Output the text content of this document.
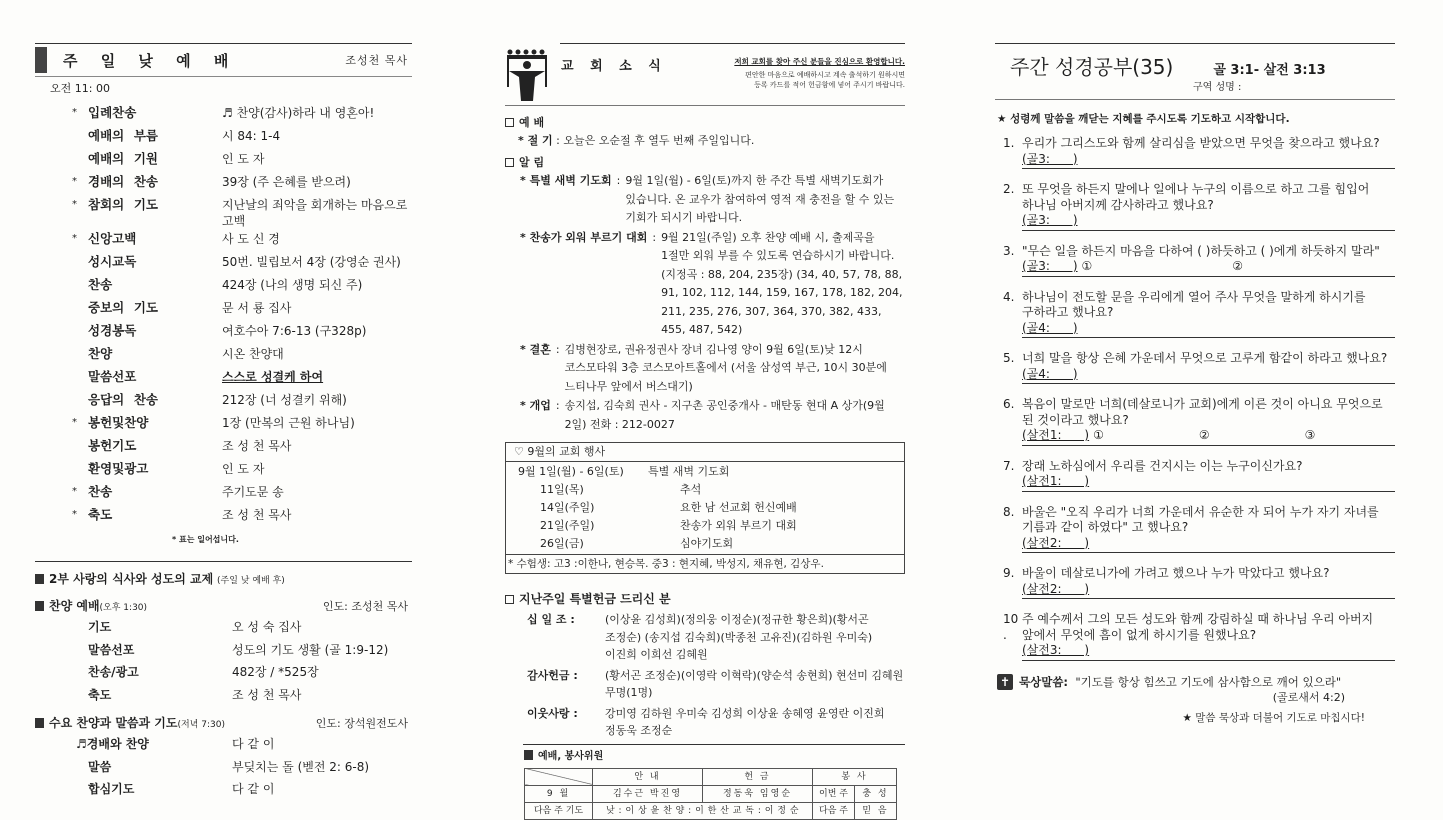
주 일 낮 예 배	조성천 목사
오전 11: 00
* 입례찬송	♬ 찬양(감사)하라 내 영혼아!
예배의 부름	시 84: 1-4
예배의 기원	인 도 자
* 경배의 찬송	39장 (주 은혜를 받으려)
* 참회의 기도	지난날의 죄악을 회개하는 마음으로 고백
* 신앙고백	사 도 신 경
성시교독	50번. 빌립보서 4장 (강영순 권사)
찬송	424장 (나의 생명 되신 주)
중보의 기도	문 서 룡 집사
성경봉독	여호수아 7:6-13 (구328p)
찬양	시온 찬양대
말씀선포	스스로 성결케 하여
응답의 찬송	212장 (너 성결키 위해)
* 봉헌및찬양	1장 (만복의 근원 하나님)
봉헌기도	조 성 천 목사
환영및광고	인 도 자
* 찬송	주기도문 송
* 축도	조 성 천 목사
* 표는 일어섭니다.
2부 사랑의 식사와 성도의 교제 (주일 낮 예배 후)
찬양 예배(오후 1:30)	인도: 조성천 목사
기도	오 성 숙 집사
말씀선포	성도의 기도 생활 (골 1:9-12)
찬송/광고	482장 / *525장
축도	조 성 천 목사
수요 찬양과 말씀과 기도(저녁 7:30)	인도: 장석원전도사
♬경배와 찬양	다 같 이
말씀	부딪치는 돌 (벧전 2: 6-8)
합심기도	다 같 이
교 회 소 식	저희 교회를 찾아 주신 분들을 진심으로 환영합니다.
편안한 마음으로 예배하시고 계속 출석하기 원하시면
등록 카드를 적어 헌금함에 넣어 주시기 바랍니다.
예 배
* 절 기 : 오늘은 오순절 후 열두 번째 주일입니다.
알 림
* 특별 새벽 기도회 : 9월 1일(월) - 6일(토)까지 한 주간 특별 새벽기도회가 있습니다. 온 교우가 참여하여 영적 재 충전을 할 수 있는 기회가 되시기 바랍니다.
* 찬송가 외워 부르기 대회 : 9월 21일(주일) 오후 찬양 예배 시, 출제곡을 1절만 외워 부를 수 있도록 연습하시기 바랍니다. (지정곡 : 88, 204, 235장) (34, 40, 57, 78, 88, 91, 102, 112, 144, 159, 167, 178, 182, 204, 211, 235, 276, 307, 364, 370, 382, 433, 455, 487, 542)
* 결혼 : 김병현장로, 권유정권사 장녀 김나영 양이 9월 6일(토)낮 12시 코스모타워 3층 코스모아트홀에서 (서울 삼성역 부근, 10시 30분에 느티나무 앞에서 버스대기)
* 개업 : 송지섭, 김숙희 권사 - 지구촌 공인중개사 - 매탄동 현대 A 상가(9월 2일) 전화 : 212-0027
♡ 9월의 교회 행사
9월 1일(월) - 6일(토)	특별 새벽 기도회
11일(목)	추석
14일(주일)	요한 남 선교회 헌신예배
21일(주일)	찬송가 외워 부르기 대회
26일(금)	심야기도회
* 수험생: 고3 :이한나, 현승목. 중3 : 현지혜, 박성지, 채유현, 김상우.
지난주일 특별헌금 드리신 분
십 일 조 :	(이상윤 김성희)(정의웅 이정순)(정규한 황은희)(황서곤 조정순) (송지섭 김숙희)(박종천 고유진)(김하원 우미숙) 이진희 이희선 김혜원
감사헌금 :	(황서곤 조정순)(이영락 이혁락)(양순석 송현희) 현선미 김혜원 무명(1명)
이웃사랑 :	강미영 김하원 우미숙 김성희 이상윤 송혜영 윤영란 이진희 정동욱 조정순
예배, 봉사위원
	안 내	헌 금	봉 사	
9 월	김수근 박진영	정동욱 임영순	이번 주	충 성
다음 주 기도	낮 : 이 상 윤 찬 양 : 이 한 산 교 독 : 이 정 순		다음 주	믿 음
주간 성경공부(35)	골 3:1- 살전 3:13
구역 성명 :
★ 성령께 말씀을 깨닫는 지혜를 주시도록 기도하고 시작합니다.
1. 우리가 그리스도와 함께 살리심을 받았으면 무엇을 찾으라고 했나요?
(골3:      )
2. 또 무엇을 하든지 말에나 일에나 누구의 이름으로 하고 그를 힘입어 하나님 아버지께 감사하라고 했나요?
(골3:      )
3. "무슨 일을 하든지 마음을 다하여 ( )하듯하고 ( )에게 하듯하지 말라"
(골3:      ) ①	②
4. 하나님이 전도할 문을 우리에게 열어 주사 무엇을 말하게 하시기를 구하라고 했나요?
(골4:      )
5. 너희 말을 항상 은혜 가운데서 무엇으로 고루게 함같이 하라고 했나요?
(골4:      )
6. 복음이 말로만 너희(데살로니가 교회)에게 이른 것이 아니요 무엇으로 된 것이라고 했나요?
(살전1:      ) ①	②	③
7. 장래 노하심에서 우리를 건지시는 이는 누구이신가요?
(살전1:      )
8. 바울은 "오직 우리가 너희 가운데서 유순한 자 되어 누가 자기 자녀를 기름과 같이 하였다" 고 했나요?
(살전2:      )
9. 바울이 데살로니가에 가려고 했으나 누가 막았다고 했나요?
(살전2:      )
10.
주 예수께서 그의 모든 성도와 함께 강림하실 때 하나님 우리 아버지 앞에서 무엇에 흠이 없게 하시기를 원했나요?
(살전3:      )
✝ 묵상말씀: "기도를 항상 힘쓰고 기도에 삼사함으로 깨어 있으라"
(골로새서 4:2)
★ 말씀 묵상과 더불어 기도로 마칩시다!
